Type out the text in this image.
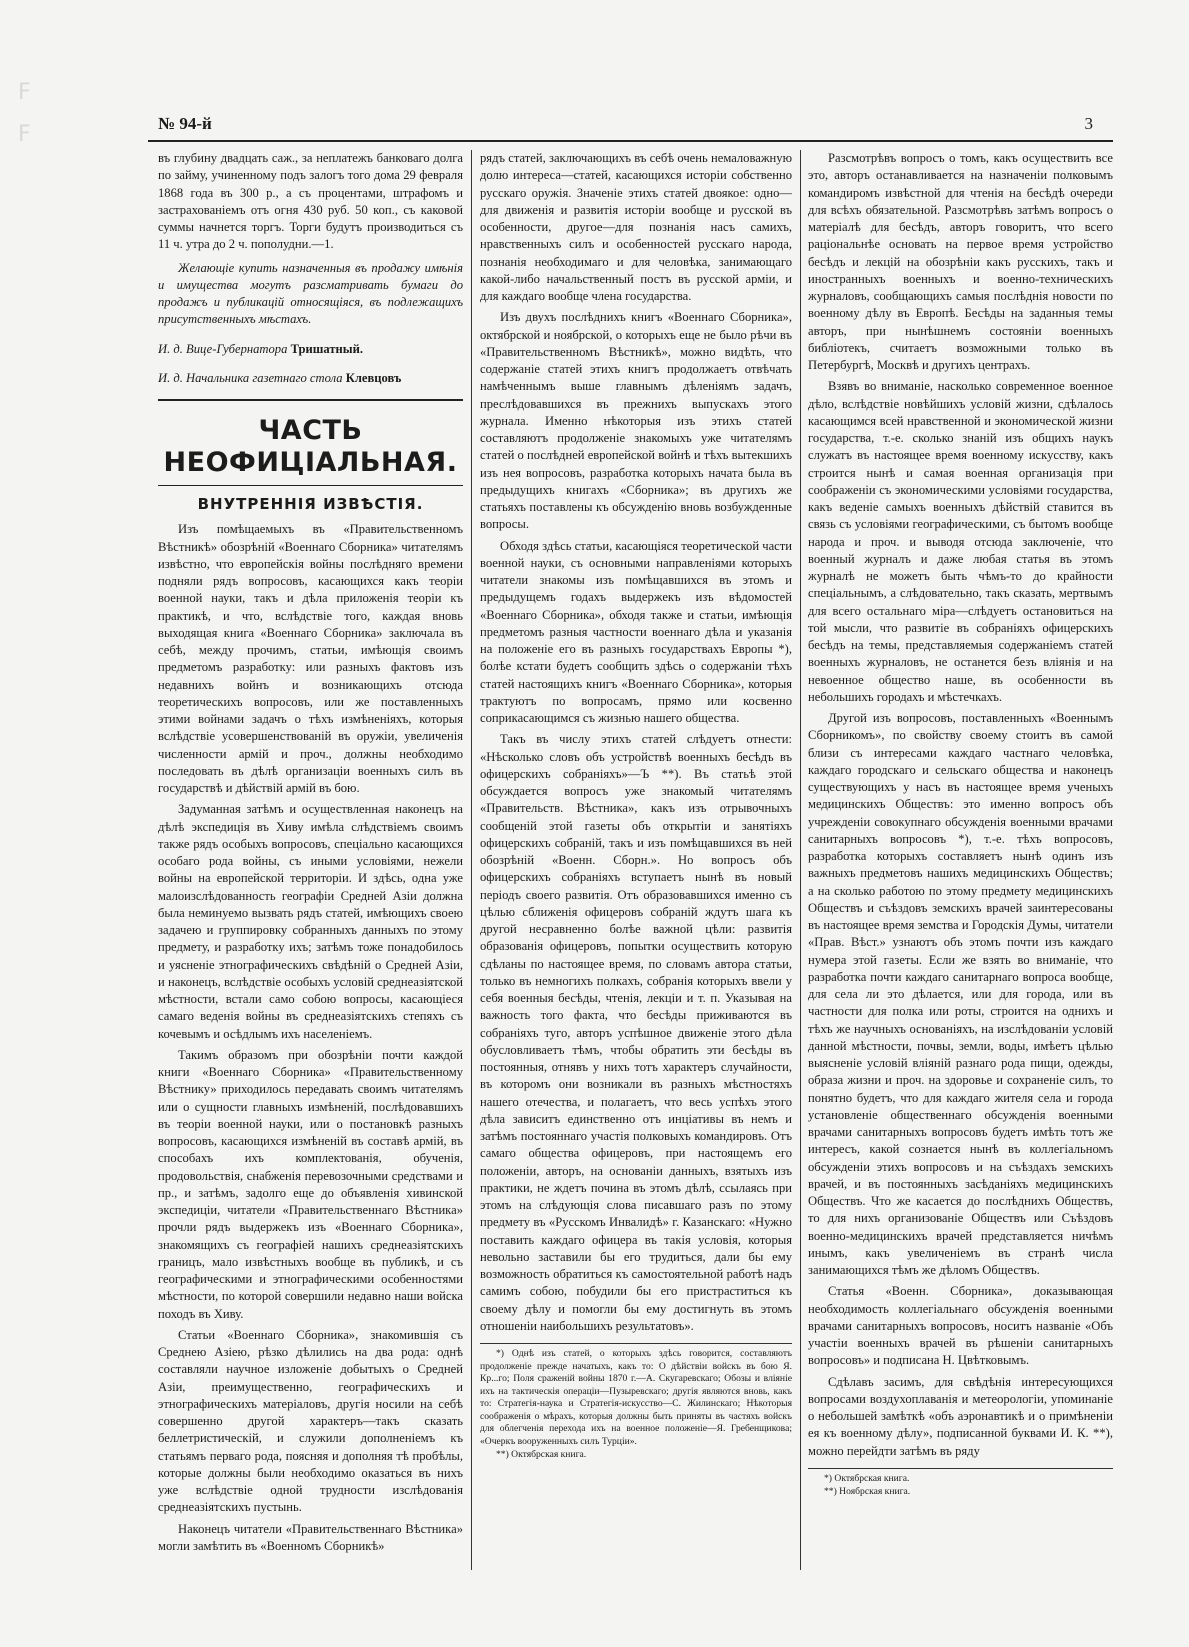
F
F	№ 94-й	3

въ глубину двадцать саж., за неплатежъ банковаго долга по займу, учиненному подъ залогъ того дома 29 февраля 1868 года въ 300 р., а съ процентами, штрафомъ и застрахованіемъ отъ огня 430 руб. 50 коп., съ каковой суммы начнется торгъ. Торги будутъ производиться съ 11 ч. утра до 2 ч. пополудни.—1.

Желающіе купить назначенныя въ продажу имѣнія и имущества могутъ разсматривать бумаги до продажъ и публикацій относящіяся, въ подлежащихъ присутственныхъ мѣстахъ.

И. д. Вице-Губернатора Тришатный.

И. д. Начальника газетнаго стола Клевцовъ

ЧАСТЬ НЕОФИЦІАЛЬНАЯ.
ВНУТРЕННІЯ ИЗВѢСТІЯ.

Изъ помѣщаемыхъ въ «Правительственномъ Вѣстникѣ» обозрѣній «Военнаго Сборника» читателямъ извѣстно, что европейскія войны послѣдняго времени подняли рядъ вопросовъ, касающихся какъ теоріи военной науки, такъ и дѣла приложенія теоріи къ практикѣ, и что, вслѣдствіе того, каждая вновь выходящая книга «Военнаго Сборника» заключала въ себѣ, между прочимъ, статьи, имѣющія своимъ предметомъ разработку: или разныхъ фактовъ изъ недавнихъ войнъ и возникающихъ отсюда теоретическихъ вопросовъ, или же поставленныхъ этими войнами задачъ о тѣхъ измѣненіяхъ, которыя вслѣдствіе усовершенствованій въ оружіи, увеличенія численности армій и проч., должны необходимо последовать въ дѣлѣ организаціи военныхъ силъ въ государствѣ и дѣйствій армій въ бою.

Задуманная затѣмъ и осуществленная наконецъ на дѣлѣ экспедиція въ Хиву имѣла слѣдствіемъ своимъ также рядъ особыхъ вопросовъ, спеціально касающихся особаго рода войны, съ иными условіями, нежели войны на европейской территоріи. И здѣсь, одна уже малоизслѣдованность географіи Средней Азіи должна была неминуемо вызвать рядъ статей, имѣющихъ своею задачею и группировку собранныхъ данныхъ по этому предмету, и разработку ихъ; затѣмъ тоже понадобилось и уясненіе этнографическихъ свѣдѣній о Средней Азіи, и наконецъ, вслѣдствіе особыхъ условій среднеазіятской мѣстности, встали само собою вопросы, касающіеся самаго веденія войны въ среднеазіятскихъ степяхъ съ кочевымъ и осѣдлымъ ихъ населеніемъ.

Такимъ образомъ при обозрѣніи почти каждой книги «Военнаго Сборника» «Правительственному Вѣстнику» приходилось передавать своимъ читателямъ или о сущности главныхъ измѣненій, послѣдовавшихъ въ теоріи военной науки, или о постановкѣ разныхъ вопросовъ, касающихся измѣненій въ составѣ армій, въ способахъ ихъ комплектованія, обученія, продовольствія, снабженія перевозочными средствами и пр., и затѣмъ, задолго еще до объявленія хивинской экспедиціи, читатели «Правительственнаго Вѣстника» прочли рядъ выдержекъ изъ «Военнаго Сборника», знакомящихъ съ географіей нашихъ среднеазіятскихъ границъ, мало извѣстныхъ вообще въ публикѣ, и съ географическими и этнографическими особенностями мѣстности, по которой совершили недавно наши войска походъ въ Хиву.

Статьи «Военнаго Сборника», знакомившія съ Среднею Азіею, рѣзко дѣлились на два рода: однѣ составляли научное изложеніе добытыхъ о Средней Азіи, преимущественно, географическихъ и этнографическихъ матеріаловъ, другія носили на себѣ совершенно другой характеръ—такъ сказать беллетристическій, и служили дополненіемъ къ статьямъ перваго рода, поясняя и дополняя тѣ пробѣлы, которые должны были необходимо оказаться въ нихъ уже вслѣдствіе одной трудности изслѣдованія среднеазіятскихъ пустынь.

Наконецъ читатели «Правительственнаго Вѣстника» могли замѣтить въ «Военномъ Сборникѣ»

рядъ статей, заключающихъ въ себѣ очень немаловажную долю интереса—статей, касающихся исторіи собственно русскаго оружія. Значеніе этихъ статей двоякое: одно—для движенія и развитія исторіи вообще и русской въ особенности, другое—для познанія насъ самихъ, нравственныхъ силъ и особенностей русскаго народа, познанія необходимаго и для человѣка, занимающаго какой-либо начальственный постъ въ русской арміи, и для каждаго вообще члена государства.

Изъ двухъ послѣднихъ книгъ «Военнаго Сборника», октябрской и ноябрской, о которыхъ еще не было рѣчи въ «Правительственномъ Вѣстникѣ», можно видѣть, что содержаніе статей этихъ книгъ продолжаетъ отвѣчать намѣченнымъ выше главнымъ дѣленіямъ задачъ, преслѣдовавшихся въ прежнихъ выпускахъ этого журнала. Именно нѣкоторыя изъ этихъ статей составляютъ продолженіе знакомыхъ уже читателямъ статей о послѣдней европейской войнѣ и тѣхъ вытекшихъ изъ нея вопросовъ, разработка которыхъ начата была въ предыдущихъ книгахъ «Сборника»; въ другихъ же статьяхъ поставлены къ обсужденію вновь возбужденные вопросы.

Обходя здѣсь статьи, касающіяся теоретической части военной науки, съ основными направленіями которыхъ читатели знакомы изъ помѣщавшихся въ этомъ и предыдущемъ годахъ выдержекъ изъ вѣдомостей «Военнаго Сборника», обходя также и статьи, имѣющія предметомъ разныя частности военнаго дѣла и указанія на положеніе его въ разныхъ государствахъ Европы *), болѣе кстати будетъ сообщить здѣсь о содержаніи тѣхъ статей настоящихъ книгъ «Военнаго Сборника», которыя трактуютъ по вопросамъ, прямо или косвенно соприкасающимся съ жизнью нашего общества.

Такъ въ числу этихъ статей слѣдуетъ отнести: «Нѣсколько словъ объ устройствѣ военныхъ бесѣдъ въ офицерскихъ собраніяхъ»—Ъ **). Въ статьѣ этой обсуждается вопросъ уже знакомый читателямъ «Правительств. Вѣстника», какъ изъ отрывочныхъ сообщеній этой газеты объ открытіи и занятіяхъ офицерскихъ собраній, такъ и изъ помѣщавшихся въ ней обозрѣній «Военн. Сборн.». Но вопросъ объ офицерскихъ собраніяхъ вступаетъ нынѣ въ новый періодъ своего развитія. Отъ образовавшихся именно съ цѣлью сближенія офицеровъ собраній ждутъ шага къ другой несравненно болѣе важной цѣли: развитія образованія офицеровъ, попытки осуществить которую сдѣланы по настоящее время, по словамъ автора статьи, только въ немногихъ полкахъ, собранія которыхъ ввели у себя военныя бесѣды, чтенія, лекціи и т. п. Указывая на важность того факта, что бесѣды приживаются въ собраніяхъ туго, авторъ успѣшное движеніе этого дѣла обусловливаетъ тѣмъ, чтобы обратить эти бесѣды въ постоянныя, отнявъ у нихъ тотъ характеръ случайности, въ которомъ они возникали въ разныхъ мѣстностяхъ нашего отечества, и полагаетъ, что весь успѣхъ этого дѣла зависитъ единственно отъ инціативы въ немъ и затѣмъ постояннаго участія полковыхъ командировъ. Отъ самаго общества офицеровъ, при настоящемъ его положеніи, авторъ, на основаніи данныхъ, взятыхъ изъ практики, не ждетъ почина въ этомъ дѣлѣ, ссылаясь при этомъ на слѣдующія слова писавшаго разъ по этому предмету въ «Русскомъ Инвалидѣ» г. Казанскаго: «Нужно поставить каждаго офицера въ такія условія, которыя невольно заставили бы его трудиться, дали бы ему возможность обратиться къ самостоятельной работѣ надъ самимъ собою, побудили бы его пристраститься къ своему дѣлу и помогли бы ему достигнуть въ этомъ отношеніи наибольшихъ результатовъ».

*) Однѣ изъ статей, о которыхъ здѣсь говорится, составляютъ продолженіе прежде начатыхъ, какъ то: О дѣйствіи войскъ въ бою Я. Кр...го; Поля сраженій войны 1870 г.—А. Скугаревскаго; Обозы и вліяніе ихъ на тактическія операціи—Пузыревскаго; другія являются вновь, какъ то: Стратегія-наука и Стратегія-искусство—С. Жилинскаго; Нѣкоторыя соображенія о мѣрахъ, которыя должны быть приняты въ частяхъ войскъ для облегченія перехода ихъ на военное положеніе—Я. Гребенщикова; «Очеркъ вооруженныхъ силъ Турціи».

**) Октябрская книга.

Разсмотрѣвъ вопросъ о томъ, какъ осуществить все это, авторъ останавливается на назначеніи полковымъ командиромъ извѣстной для чтенія на бесѣдѣ очереди для всѣхъ обязательной. Разсмотрѣвъ затѣмъ вопросъ о матеріалѣ для бесѣдъ, авторъ говоритъ, что всего раціональнѣе основать на первое время устройство бесѣдъ и лекцій на обозрѣніи какъ русскихъ, такъ и иностранныхъ военныхъ и военно-техническихъ журналовъ, сообщающихъ самыя послѣднія новости по военному дѣлу въ Европѣ. Бесѣды на заданныя темы авторъ, при нынѣшнемъ состояніи военныхъ библіотекъ, считаетъ возможными только въ Петербургѣ, Москвѣ и другихъ центрахъ.

Взявъ во вниманіе, насколько современное военное дѣло, вслѣдствіе новѣйшихъ условій жизни, сдѣлалось касающимся всей нравственной и экономической жизни государства, т.-е. сколько знаній изъ общихъ наукъ служатъ въ настоящее время военному искусству, какъ строится нынѣ и самая военная организація при соображеніи съ экономическими условіями государства, какъ веденіе самыхъ военныхъ дѣйствій ставится въ связь съ условіями географическими, съ бытомъ вообще народа и проч. и выводя отсюда заключеніе, что военный журналъ и даже любая статья въ этомъ журналѣ не можетъ быть чѣмъ-то до крайности спеціальнымъ, а слѣдовательно, такъ сказать, мертвымъ для всего остальнаго міра—слѣдуетъ остановиться на той мысли, что развитіе въ собраніяхъ офицерскихъ бесѣдъ на темы, представляемыя содержаніемъ статей военныхъ журналовъ, не останется безъ вліянія и на невоенное общество наше, въ особенности въ небольшихъ городахъ и мѣстечкахъ.

Другой изъ вопросовъ, поставленныхъ «Военнымъ Сборникомъ», по свойству своему стоитъ въ самой близи съ интересами каждаго частнаго человѣка, каждаго городскаго и сельскаго общества и наконецъ существующихъ у насъ въ настоящее время ученыхъ медицинскихъ Обществъ: это именно вопросъ объ учрежденіи совокупнаго обсужденія военными врачами санитарныхъ вопросовъ *), т.-е. тѣхъ вопросовъ, разработка которыхъ составляетъ нынѣ одинъ изъ важныхъ предметовъ нашихъ медицинскихъ Обществъ; а на сколько работою по этому предмету медицинскихъ Обществъ и съѣздовъ земскихъ врачей заинтересованы въ настоящее время земства и Городскія Думы, читатели «Прав. Вѣст.» узнаютъ объ этомъ почти изъ каждаго нумера этой газеты. Если же взять во вниманіе, что разработка почти каждаго санитарнаго вопроса вообще, для села ли это дѣлается, или для города, или въ частности для полка или роты, строится на однихъ и тѣхъ же научныхъ основаніяхъ, на изслѣдованіи условій данной мѣстности, почвы, земли, воды, имѣетъ цѣлью выясненіе условій вліяній разнаго рода пищи, одежды, образа жизни и проч. на здоровье и сохраненіе силъ, то понятно будетъ, что для каждаго жителя села и города установленіе общественнаго обсужденія военными врачами санитарныхъ вопросовъ будетъ имѣть тотъ же интересъ, какой сознается нынѣ въ коллегіальномъ обсужденіи этихъ вопросовъ и на съѣздахъ земскихъ врачей, и въ постоянныхъ засѣданіяхъ медицинскихъ Обществъ. Что же касается до послѣднихъ Обществъ, то для нихъ организованіе Обществъ или Съѣздовъ военно-медицинскихъ врачей представляется ничѣмъ инымъ, какъ увеличеніемъ въ странѣ числа занимающихся тѣмъ же дѣломъ Обществъ.

Статья «Военн. Сборника», доказывающая необходимость коллегіальнаго обсужденія военными врачами санитарныхъ вопросовъ, носитъ названіе «Объ участіи военныхъ врачей въ рѣшеніи санитарныхъ вопросовъ» и подписана Н. Цвѣтковымъ.

Сдѣлавъ засимъ, для свѣдѣнія интересующихся вопросами воздухоплаванія и метеорологіи, упоминаніе о небольшей замѣткѣ «объ аэронавтикѣ и о примѣненіи ея къ военному дѣлу», подписанной буквами И. К. **), можно перейдти затѣмъ въ ряду

*) Октябрская книга.

**) Ноябрская книга.
